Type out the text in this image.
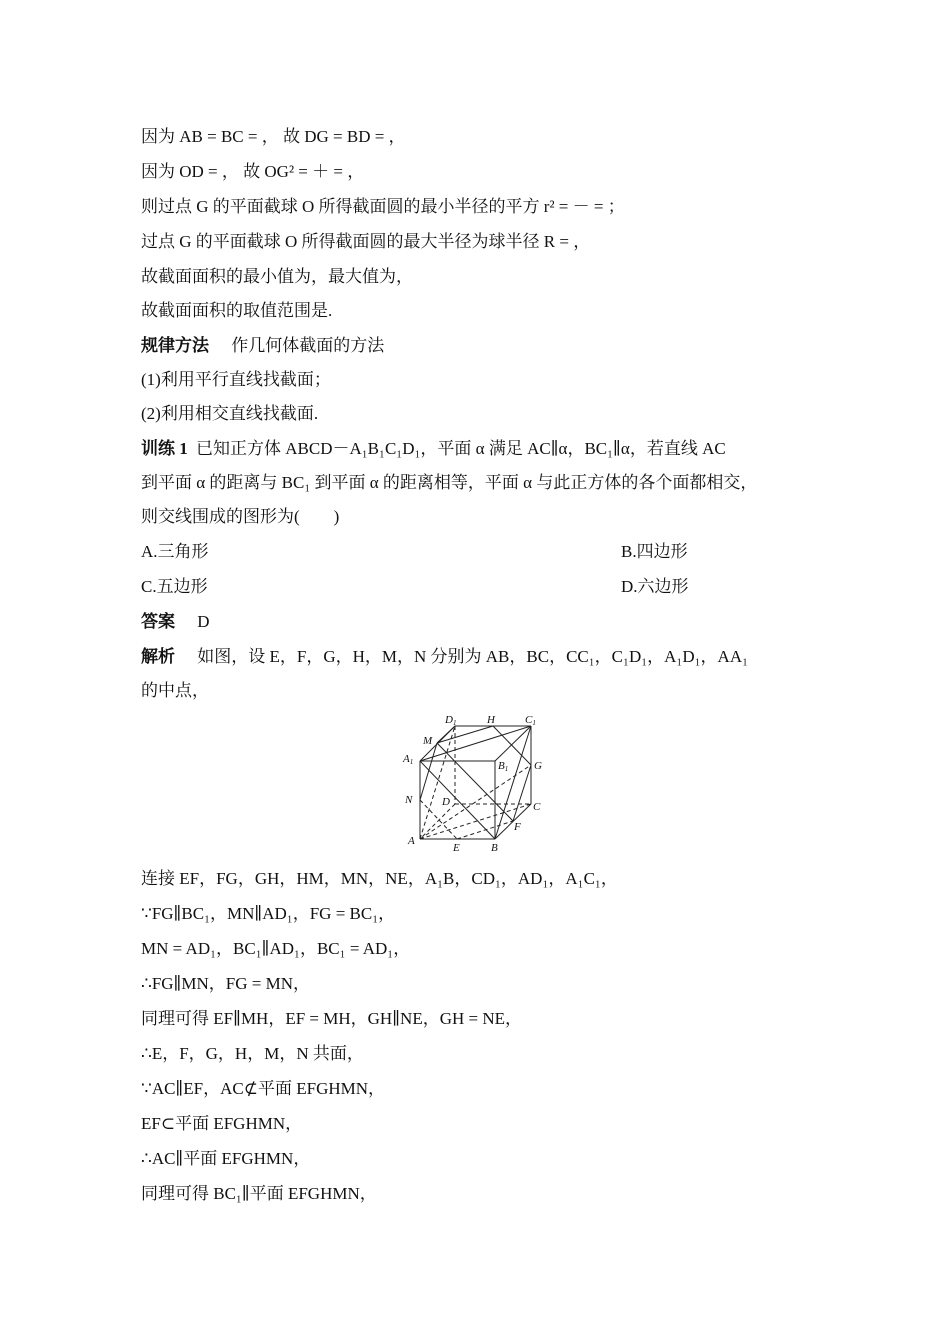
因为 AB = BC = ， 故 DG = BD = ，
因为 OD = ， 故 OG² = ＋ = ，
则过点 G 的平面截球 O 所得截面圆的最小半径的平方 r² = － = ；
过点 G 的平面截球 O 所得截面圆的最大半径为球半径 R = ，
故截面面积的最小值为，最大值为，
故截面面积的取值范围是.
规律方法 作几何体截面的方法
(1)利用平行直线找截面；
(2)利用相交直线找截面.
训练 1 已知正方体 ABCD－A₁B₁C₁D₁，平面 α 满足 AC∥α，BC₁∥α，若直线 AC
到平面 α 的距离与 BC₁ 到平面 α 的距离相等，平面 α 与此正方体的各个面都相交，
则交线围成的图形为(　　)
A.三角形	B.四边形
C.五边形	D.六边形
答案 D
解析 如图，设 E，F，G，H，M，N 分别为 AB，BC，CC₁，C₁D₁，A₁D₁，AA₁
的中点，
D1	H	C1
M
A1	B1 G
N	D	C
F
A
E	B
连接 EF，FG，GH，HM，MN，NE，A₁B，CD₁，AD₁，A₁C₁，
∵FG∥BC₁，MN∥AD₁，FG = BC₁，
MN = AD₁，BC₁∥AD₁，BC₁ = AD₁，
∴FG∥MN，FG = MN，
同理可得 EF∥MH，EF = MH，GH∥NE，GH = NE，
∴E，F，G，H，M，N 共面，
∵AC∥EF，AC⊄平面 EFGHMN，
EF⊂平面 EFGHMN，
∴AC∥平面 EFGHMN，
同理可得 BC₁∥平面 EFGHMN，
